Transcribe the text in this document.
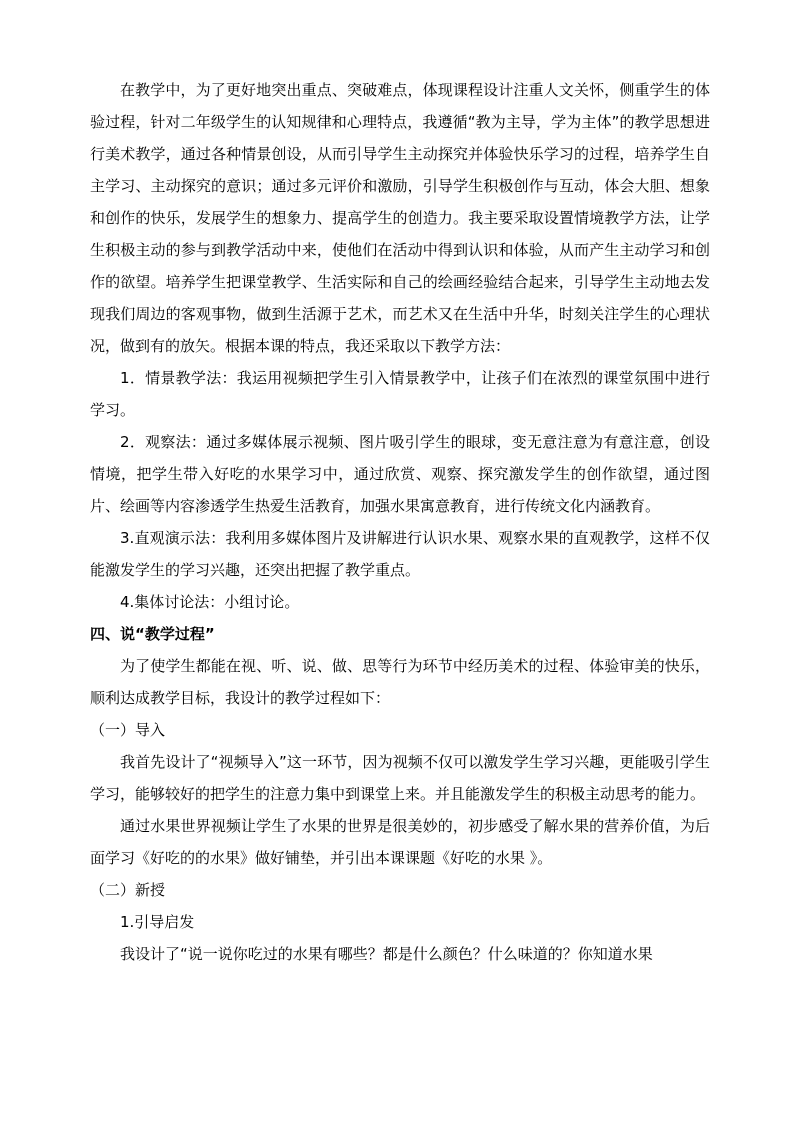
在教学中，为了更好地突出重点、突破难点，体现课程设计注重人文关怀，侧重学生的体验过程，针对二年级学生的认知规律和心理特点，我遵循“教为主导，学为主体”的教学思想进行美术教学，通过各种情景创设，从而引导学生主动探究并体验快乐学习的过程，培养学生自主学习、主动探究的意识；通过多元评价和激励，引导学生积极创作与互动，体会大胆、想象和创作的快乐，发展学生的想象力、提高学生的创造力。我主要采取设置情境教学方法，让学生积极主动的参与到教学活动中来，使他们在活动中得到认识和体验，从而产生主动学习和创作的欲望。培养学生把课堂教学、生活实际和自己的绘画经验结合起来，引导学生主动地去发现我们周边的客观事物，做到生活源于艺术，而艺术又在生活中升华，时刻关注学生的心理状况，做到有的放矢。根据本课的特点，我还采取以下教学方法：

1．情景教学法：我运用视频把学生引入情景教学中，让孩子们在浓烈的课堂氛围中进行学习。

2．观察法：通过多媒体展示视频、图片吸引学生的眼球，变无意注意为有意注意，创设情境，把学生带入好吃的水果学习中，通过欣赏、观察、探究激发学生的创作欲望，通过图片、绘画等内容渗透学生热爱生活教育，加强水果寓意教育，进行传统文化内涵教育。

3.直观演示法：我利用多媒体图片及讲解进行认识水果、观察水果的直观教学，这样不仅能激发学生的学习兴趣，还突出把握了教学重点。

4.集体讨论法：小组讨论。

四、说“教学过程”

为了使学生都能在视、听、说、做、思等行为环节中经历美术的过程、体验审美的快乐，顺利达成教学目标，我设计的教学过程如下：

（一）导入

我首先设计了“视频导入”这一环节，因为视频不仅可以激发学生学习兴趣，更能吸引学生学习，能够较好的把学生的注意力集中到课堂上来。并且能激发学生的积极主动思考的能力。

通过水果世界视频让学生了水果的世界是很美妙的，初步感受了解水果的营养价值，为后面学习《好吃的的水果》做好铺垫，并引出本课课题《好吃的水果 》。

（二）新授

1.引导启发

我设计了“说一说你吃过的水果有哪些？都是什么颜色？什么味道的？你知道水果
